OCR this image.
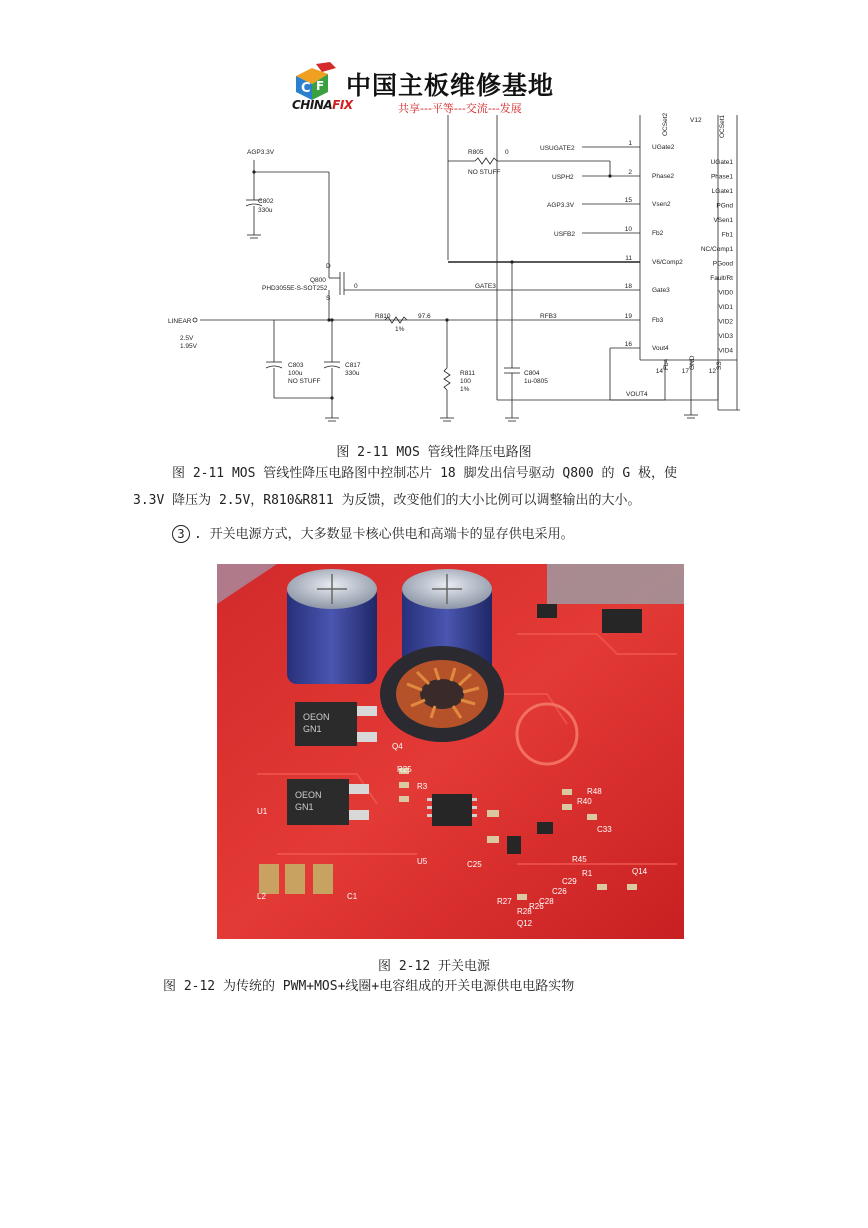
C F
CHINAFIX
中国主板维修基地
共享---平等---交流---发展
AGP3.3V
C802
330u
R805	0
NO STUFF
USUGATE2
USPH2
AGP3.3V
USFB2
Q800
PHD3055E-S-SOT252	0	GATE3
S
D
LINEAR
2.5V
1.95V
R810	97.6
1%
RFB3
C803
100u
NO STUFF
C817
330u	R811
100
1%
C804
1u-0805
VOUT4
OCSet2	V12	OCSet1
1
UGate2
2
Phase2
15
Vsen2
10
Fb2
11
V6/Comp2
18
Gate3
19
Fb3
16
Vout4
UGate1
Phase1
LGate1
PGnd
VSen1
Fb1
NC/Comp1
PGood
Fault/Rt
VID0
VID1
VID2
VID3
VID4
14
Fb4
17
GND
12
SS
图 2-11 MOS 管线性降压电路图
图 2-11 MOS 管线性降压电路图中控制芯片 18 脚发出信号驱动 Q800 的 G 极，使
3.3V 降压为 2.5V，R810&R811 为反馈，改变他们的大小比例可以调整输出的大小。
3 . 开关电源方式，大多数显卡核心供电和高端卡的显存供电采用。
OEON
GN1
OEON
GN1
U1
U5	C25
R40
R45
R48
C33
Q12
Q14
R1
C1
L2
Q4
R25
R27
R28
R26
C28
C26
C29
R3
图 2-12 开关电源
图 2-12 为传统的 PWM+MOS+线圈+电容组成的开关电源供电电路实物
